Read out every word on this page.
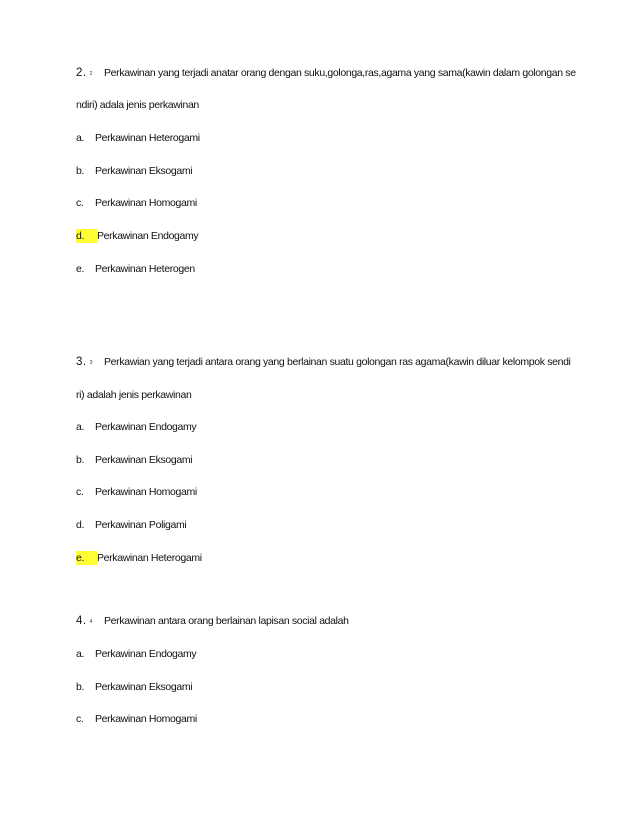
2. 2 Perkawinan yang terjadi anatar orang dengan suku,golonga,ras,agama yang sama(kawin dalam golongan se
ndiri) adala jenis perkawinan
a. Perkawinan Heterogami
b. Perkawinan Eksogami
c. Perkawinan Homogami
d. Perkawinan Endogamy
e. Perkawinan Heterogen
3. 3 Perkawian yang terjadi antara orang yang berlainan suatu golongan ras agama(kawin diluar kelompok sendi
ri) adalah jenis perkawinan
a. Perkawinan Endogamy
b. Perkawinan Eksogami
c. Perkawinan Homogami
d. Perkawinan Poligami
e. Perkawinan Heterogami
4. 4 Perkawinan antara orang berlainan lapisan social adalah
a. Perkawinan Endogamy
b. Perkawinan Eksogami
c. Perkawinan Homogami
